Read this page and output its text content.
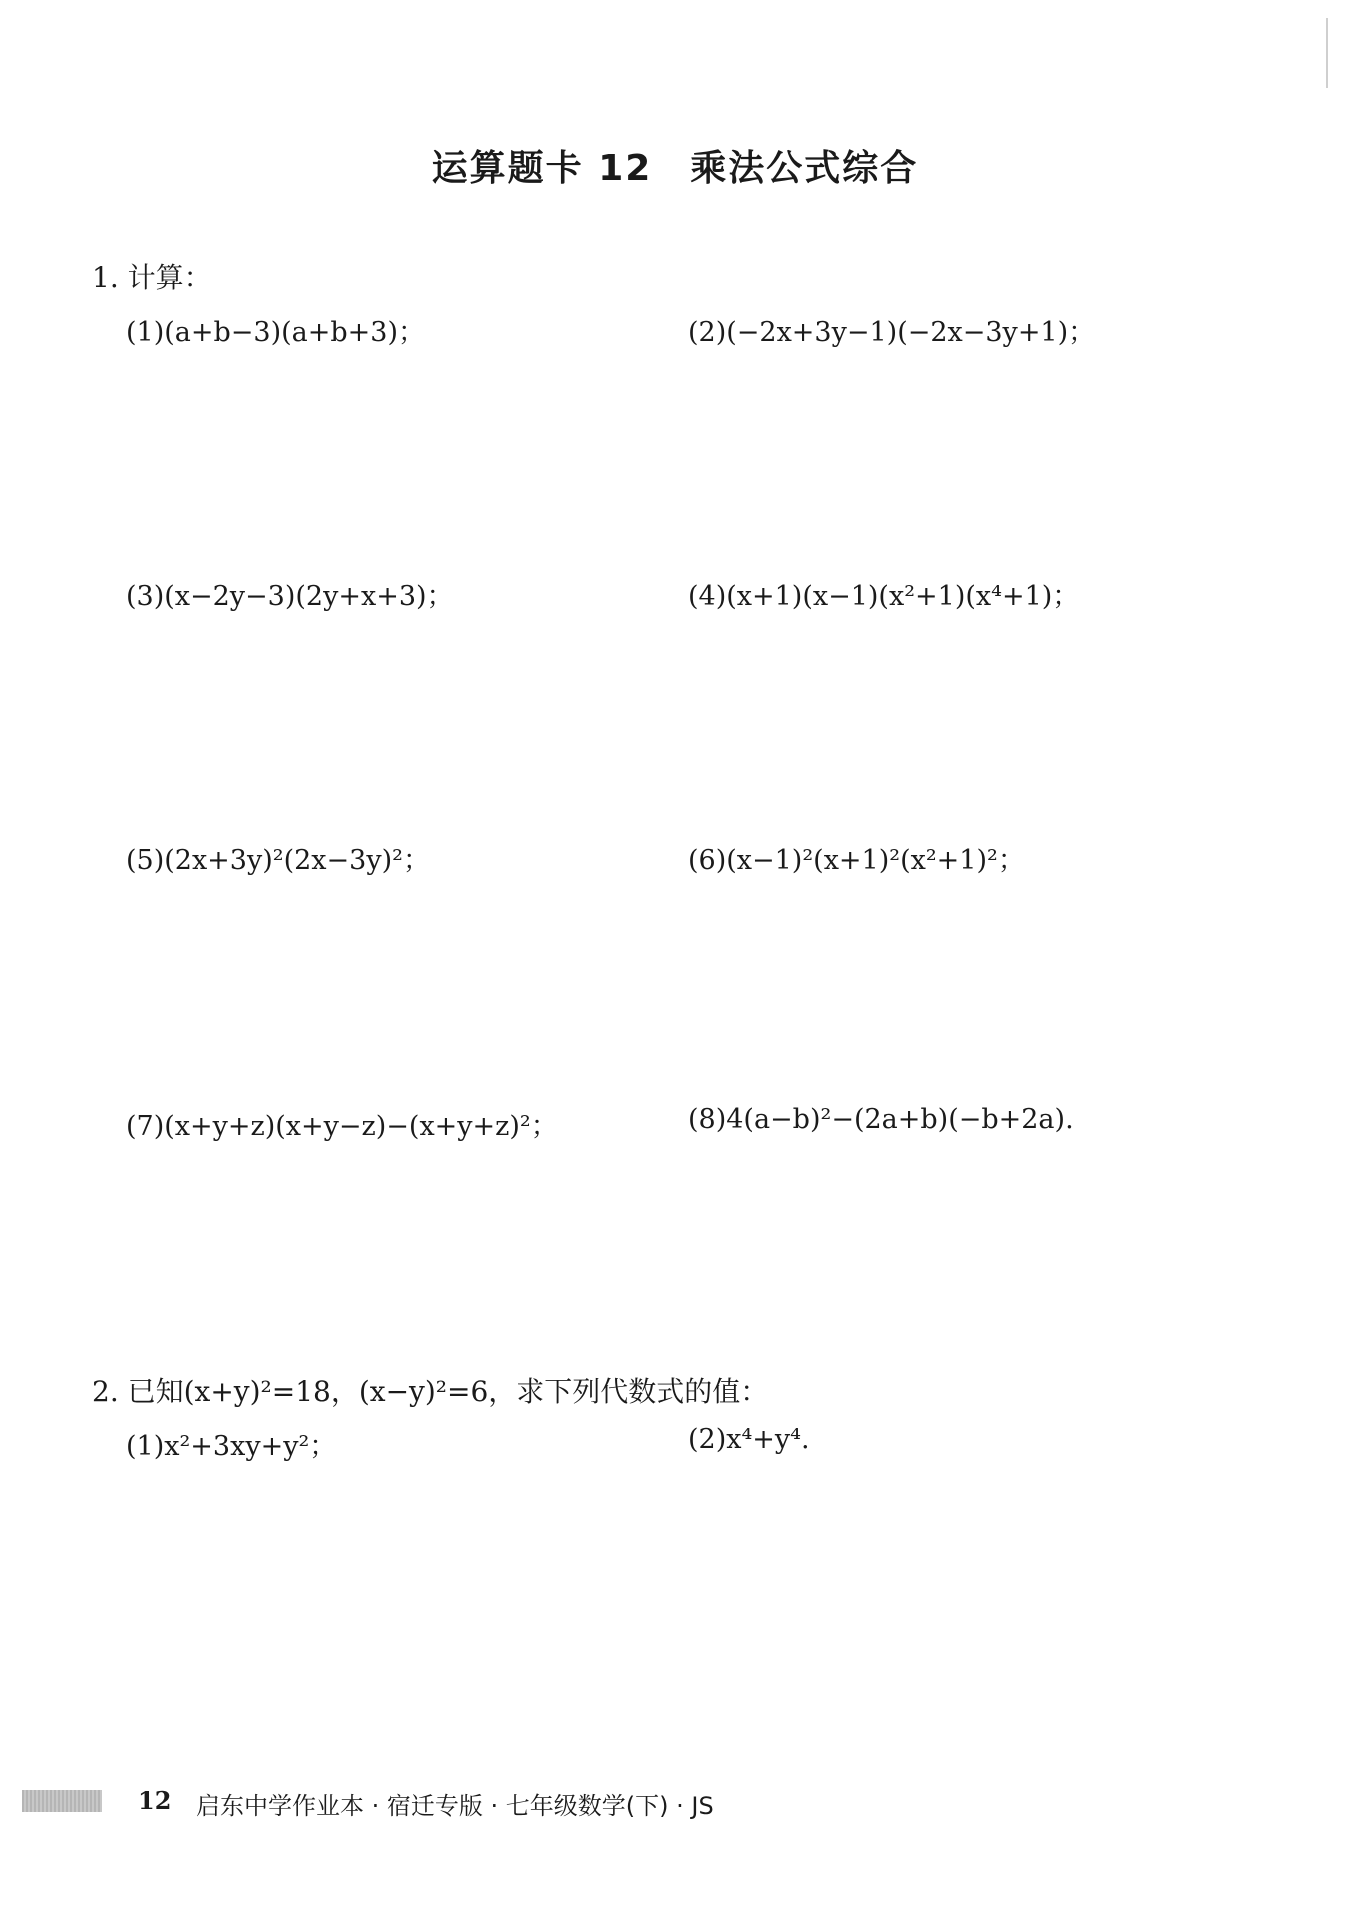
运算题卡 12　乘法公式综合
1. 计算：
(1)(a+b−3)(a+b+3)；	(2)(−2x+3y−1)(−2x−3y+1)；
(3)(x−2y−3)(2y+x+3)；	(4)(x+1)(x−1)(x²+1)(x⁴+1)；
(5)(2x+3y)²(2x−3y)²；	(6)(x−1)²(x+1)²(x²+1)²；
(7)(x+y+z)(x+y−z)−(x+y+z)²；	(8)4(a−b)²−(2a+b)(−b+2a).
2. 已知(x+y)²=18，(x−y)²=6，求下列代数式的值：
(1)x²+3xy+y²；	(2)x⁴+y⁴.
12 启东中学作业本 · 宿迁专版 · 七年级数学(下) · JS
